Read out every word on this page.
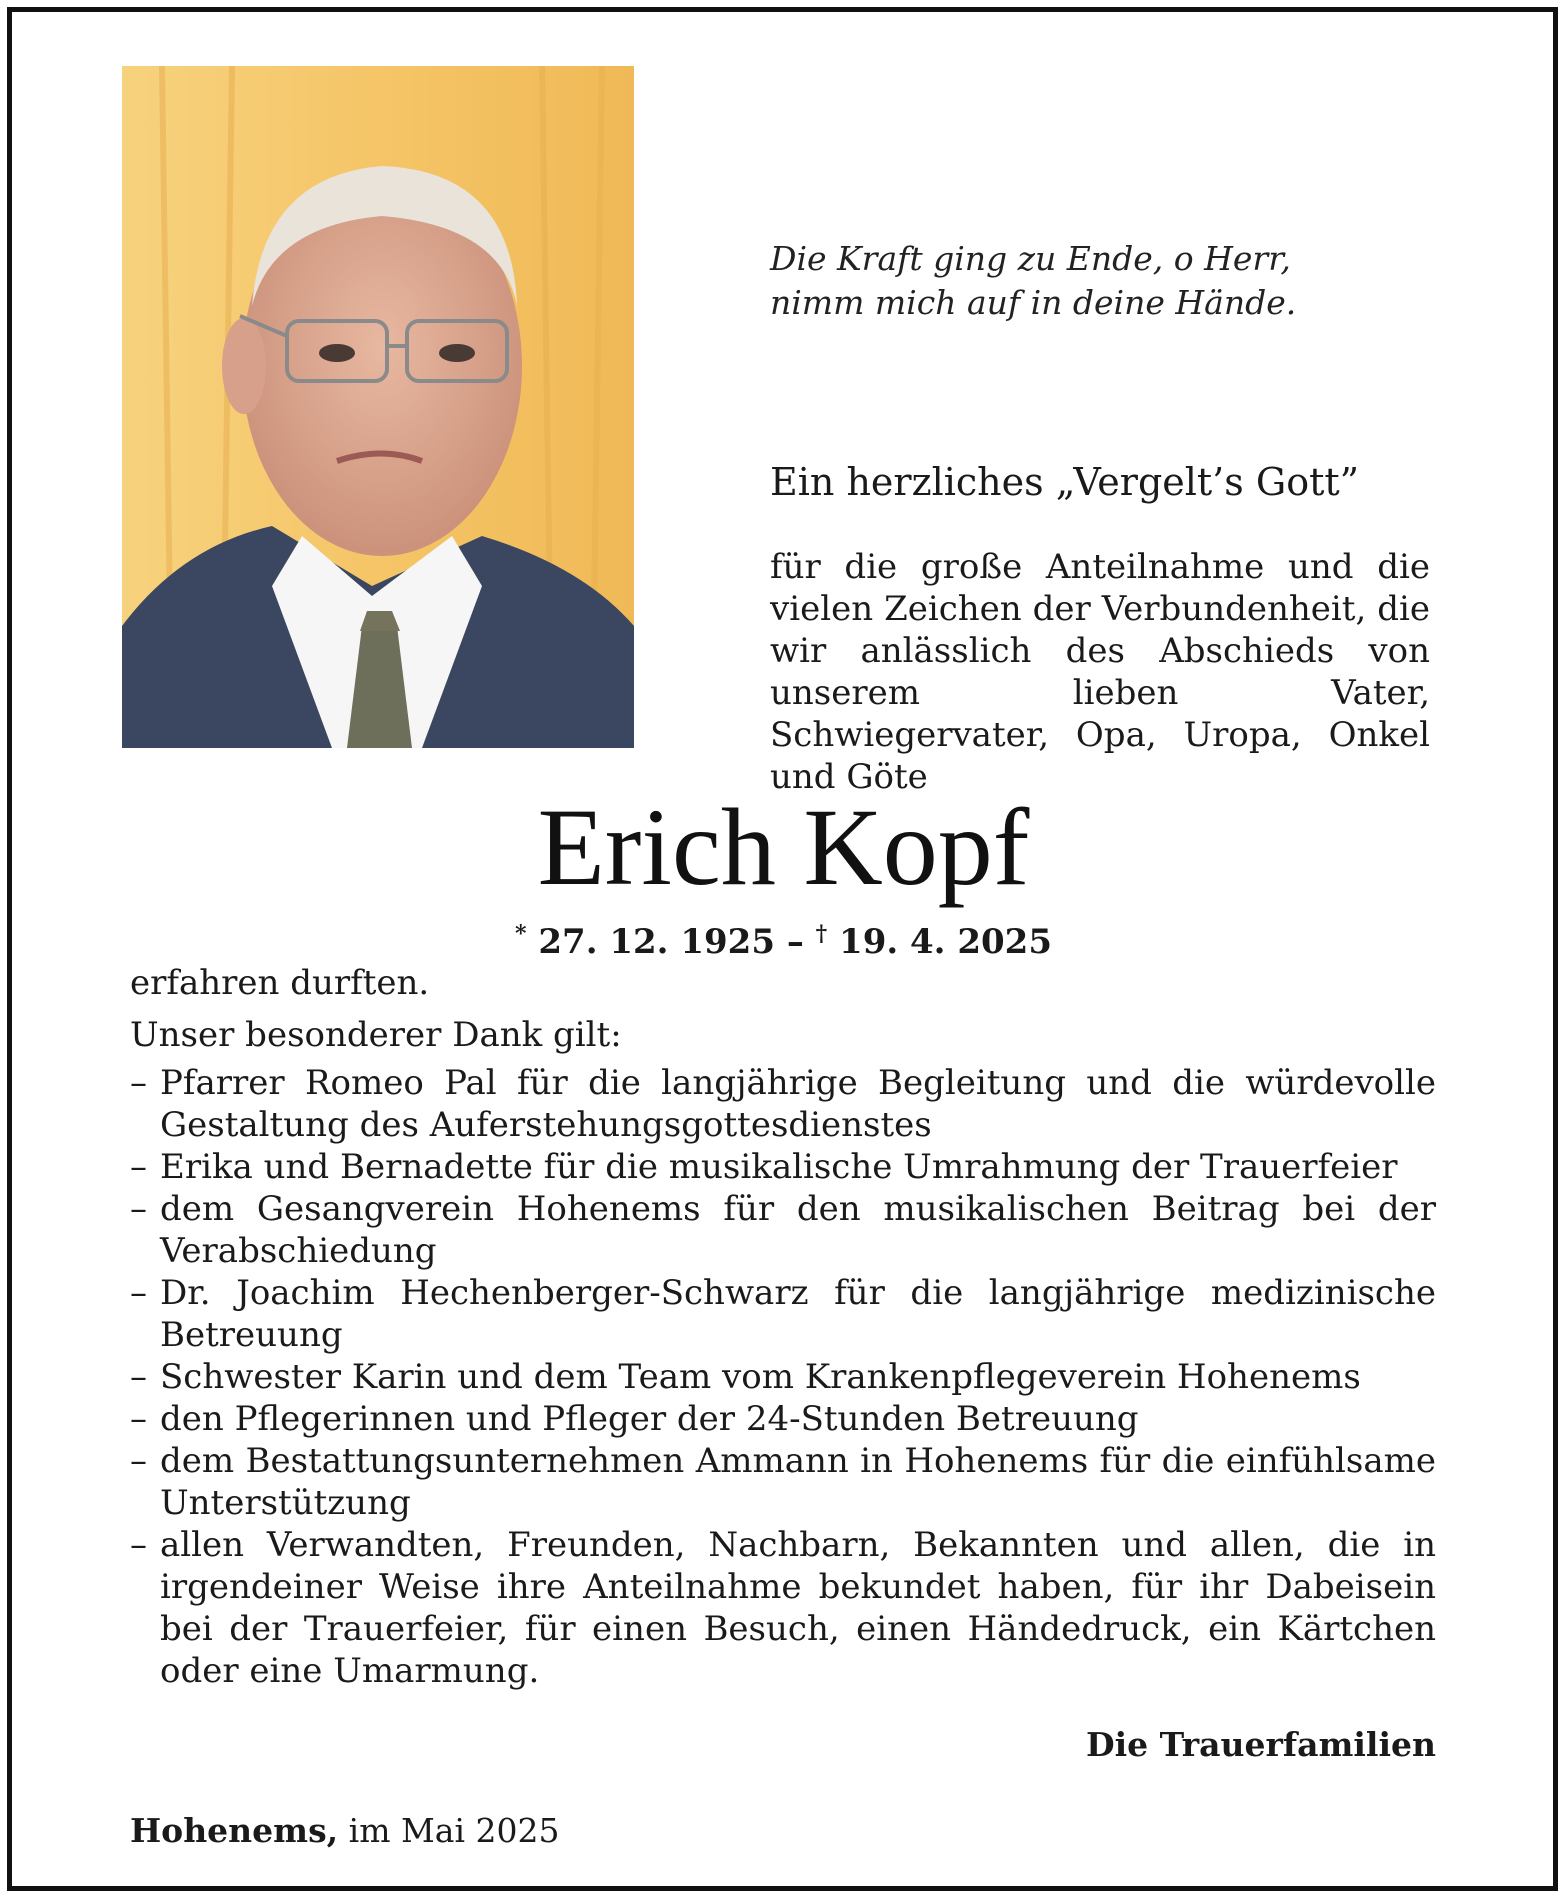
Die Kraft ging zu Ende, o Herr,
nimm mich auf in deine Hände.
Ein herzliches „Vergelt’s Gott”
für die große Anteilnahme und die vielen Zeichen der Verbundenheit, die wir anlässlich des Abschieds von unserem lieben Vater, Schwiegervater, Opa, Uropa, Onkel und Göte
Erich Kopf
* 27. 12. 1925 – † 19. 4. 2025

erfahren durften.

Unser besonderer Dank gilt:

– Pfarrer Romeo Pal für die langjährige Begleitung und die würdevolle Gestaltung des Auferstehungsgottesdienstes
– Erika und Bernadette für die musikalische Umrahmung der Trauerfeier
– dem Gesangverein Hohenems für den musikalischen Beitrag bei der Verabschiedung
– Dr. Joachim Hechenberger-Schwarz für die langjährige medizinische Betreuung
– Schwester Karin und dem Team vom Krankenpflegeverein Hohenems
– den Pflegerinnen und Pfleger der 24-Stunden Betreuung
– dem Bestattungsunternehmen Ammann in Hohenems für die einfühlsame Unterstützung
– allen Verwandten, Freunden, Nachbarn, Bekannten und allen, die in irgendeiner Weise ihre Anteilnahme bekundet haben, für ihr Dabeisein bei der Trauerfeier, für einen Besuch, einen Händedruck, ein Kärtchen oder eine Umarmung.
Die Trauerfamilien
Hohenems, im Mai 2025
